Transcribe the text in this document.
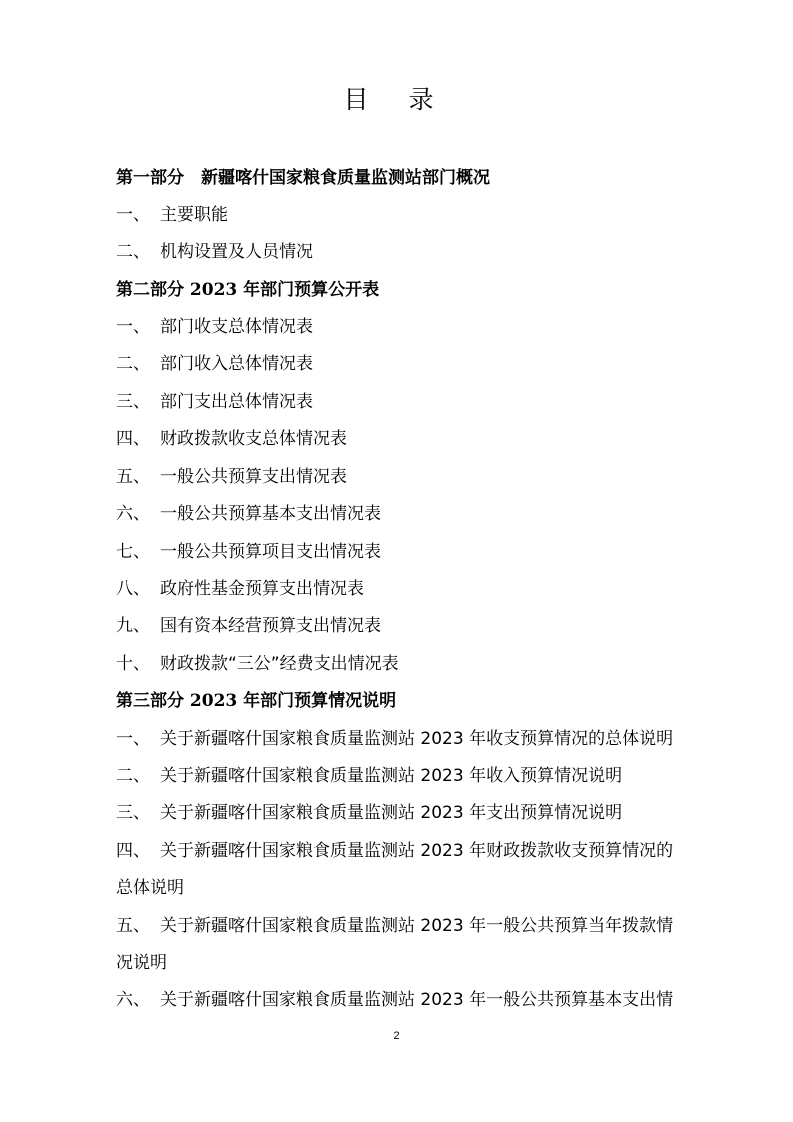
目 录
第一部分　新疆喀什国家粮食质量监测站部门概况
一、 主要职能
二、 机构设置及人员情况
第二部分 2023 年部门预算公开表
一、 部门收支总体情况表
二、 部门收入总体情况表
三、 部门支出总体情况表
四、 财政拨款收支总体情况表
五、 一般公共预算支出情况表
六、 一般公共预算基本支出情况表
七、 一般公共预算项目支出情况表
八、 政府性基金预算支出情况表
九、 国有资本经营预算支出情况表
十、 财政拨款“三公”经费支出情况表
第三部分 2023 年部门预算情况说明
一、 关于新疆喀什国家粮食质量监测站 2023 年收支预算情况的总体说明
二、 关于新疆喀什国家粮食质量监测站 2023 年收入预算情况说明
三、 关于新疆喀什国家粮食质量监测站 2023 年支出预算情况说明
四、 关于新疆喀什国家粮食质量监测站 2023 年财政拨款收支预算情况的
总体说明
五、 关于新疆喀什国家粮食质量监测站 2023 年一般公共预算当年拨款情
况说明
六、 关于新疆喀什国家粮食质量监测站 2023 年一般公共预算基本支出情
2
